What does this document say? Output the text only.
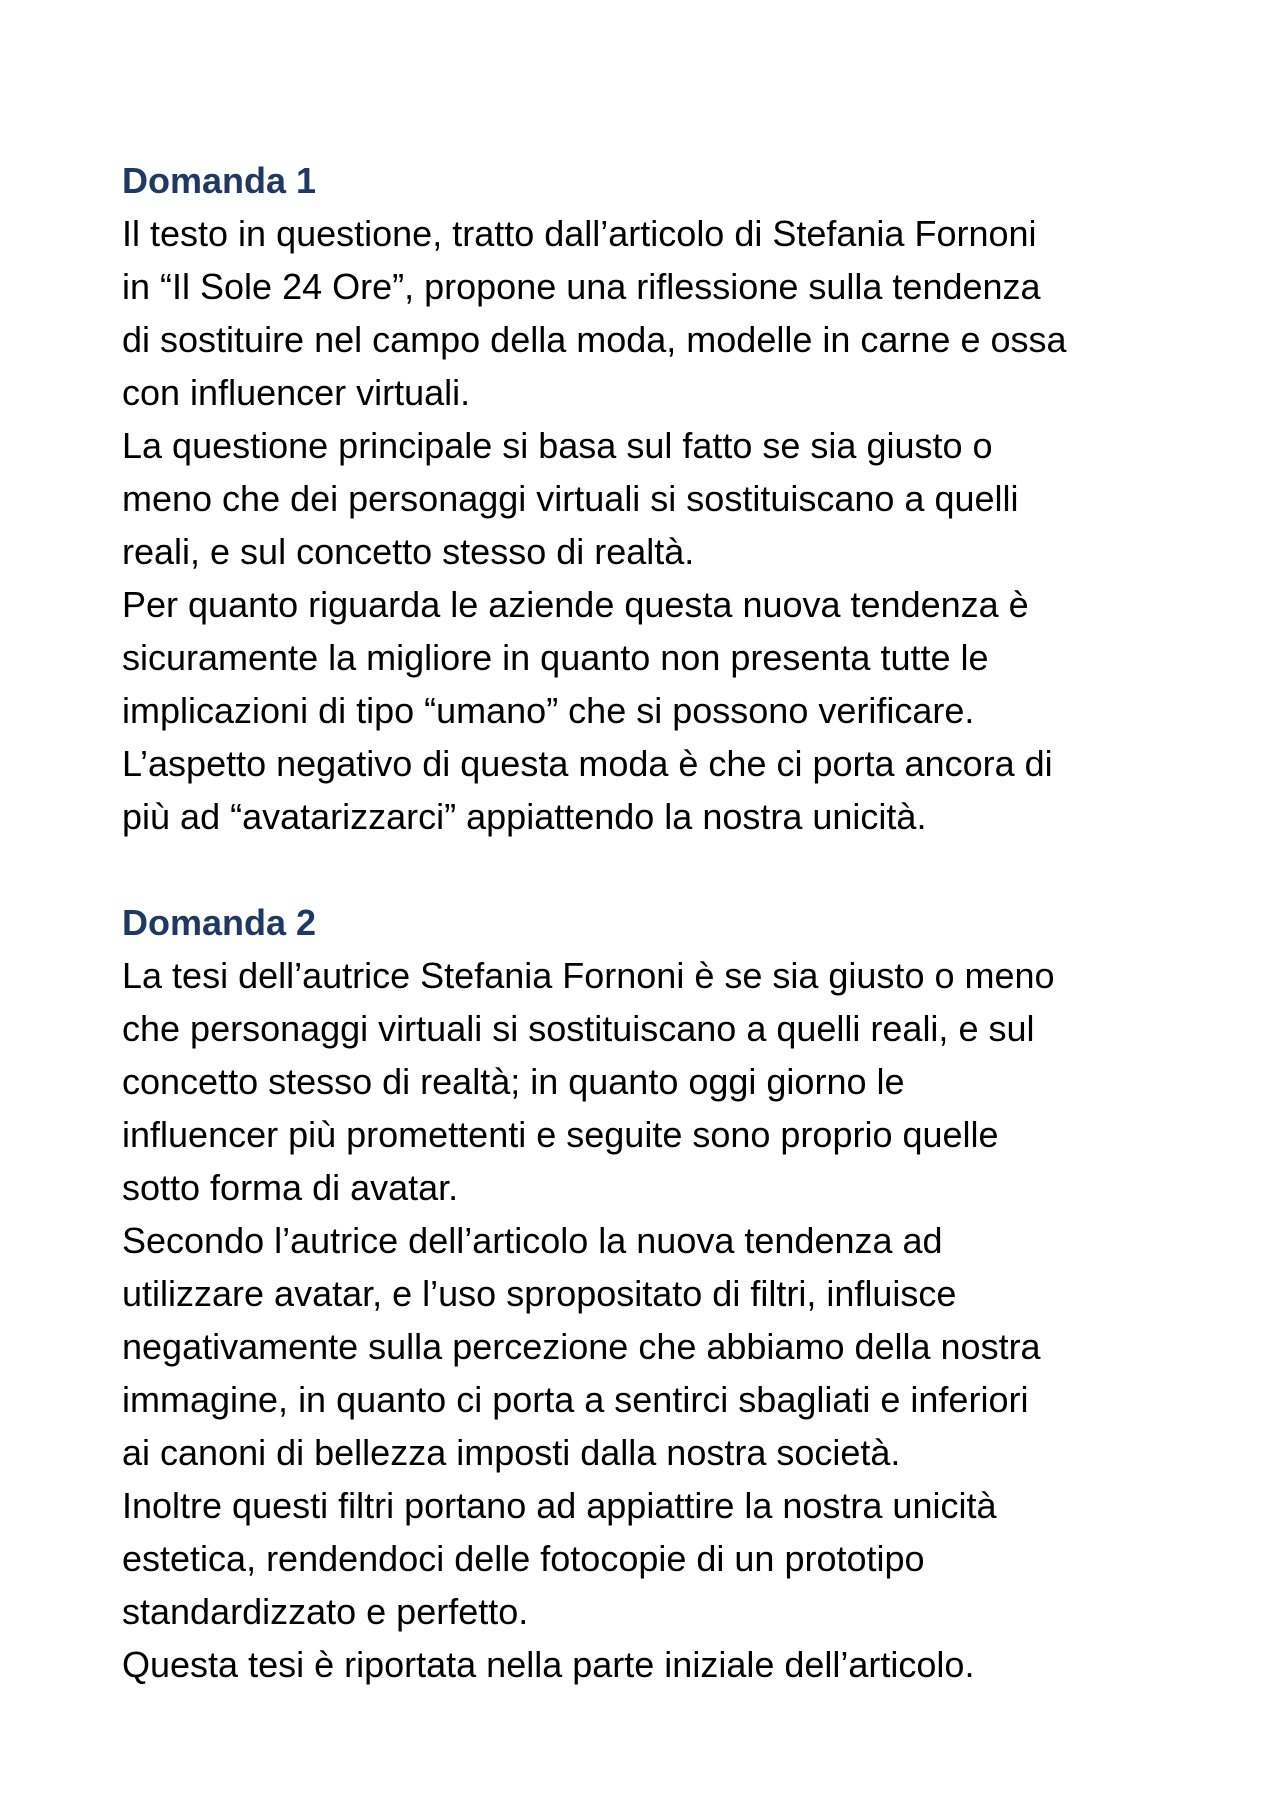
Domanda 1

Il testo in questione, tratto dall’articolo di Stefania Fornoni
in “Il Sole 24 Ore”, propone una riflessione sulla tendenza
di sostituire nel campo della moda, modelle in carne e ossa
con influencer virtuali.

La questione principale si basa sul fatto se sia giusto o
meno che dei personaggi virtuali si sostituiscano a quelli
reali, e sul concetto stesso di realtà.

Per quanto riguarda le aziende questa nuova tendenza è
sicuramente la migliore in quanto non presenta tutte le
implicazioni di tipo “umano” che si possono verificare.

L’aspetto negativo di questa moda è che ci porta ancora di
più ad “avatarizzarci” appiattendo la nostra unicità.

Domanda 2

La tesi dell’autrice Stefania Fornoni è se sia giusto o meno
che personaggi virtuali si sostituiscano a quelli reali, e sul
concetto stesso di realtà; in quanto oggi giorno le
influencer più promettenti e seguite sono proprio quelle
sotto forma di avatar.

Secondo l’autrice dell’articolo la nuova tendenza ad
utilizzare avatar, e l’uso spropositato di filtri, influisce
negativamente sulla percezione che abbiamo della nostra
immagine, in quanto ci porta a sentirci sbagliati e inferiori
ai canoni di bellezza imposti dalla nostra società.

Inoltre questi filtri portano ad appiattire la nostra unicità
estetica, rendendoci delle fotocopie di un prototipo
standardizzato e perfetto.

Questa tesi è riportata nella parte iniziale dell’articolo.
